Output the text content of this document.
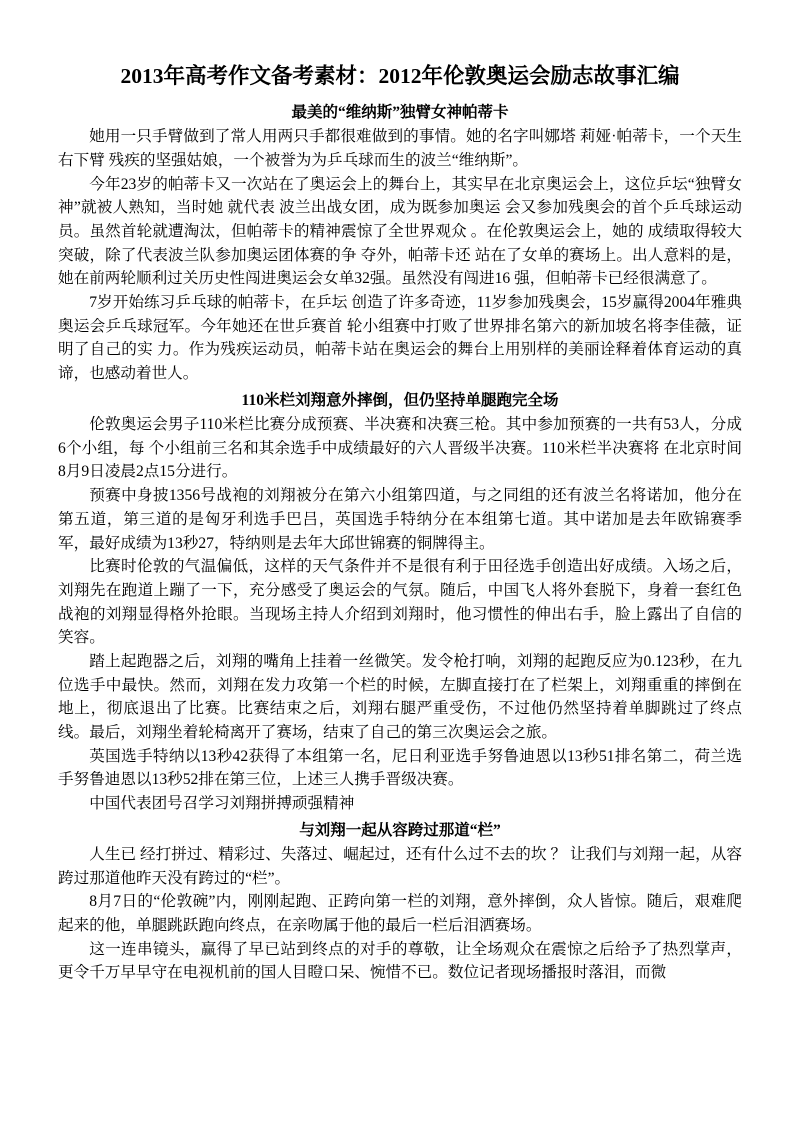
2013年高考作文备考素材：2012年伦敦奥运会励志故事汇编
最美的“维纳斯”独臂女神帕蒂卡

她用一只手臂做到了常人用两只手都很难做到的事情。她的名字叫娜塔 莉娅·帕蒂卡，一个天生右下臂 残疾的坚强姑娘，一个被誉为为乒乓球而生的波兰“维纳斯”。

今年23岁的帕蒂卡又一次站在了奥运会上的舞台上，其实早在北京奥运会上，这位乒坛“独臂女神”就被人熟知，当时她 就代表 波兰出战女团，成为既参加奥运 会又参加残奥会的首个乒乓球运动员。虽然首轮就遭淘汰，但帕蒂卡的精神震惊了全世界观众 。在伦敦奥运会上，她的 成绩取得较大突破，除了代表波兰队参加奥运团体赛的争 夺外，帕蒂卡还 站在了女单的赛场上。出人意料的是，她在前两轮顺利过关历史性闯进奥运会女单32强。虽然没有闯进16 强，但帕蒂卡已经很满意了。

7岁开始练习乒乓球的帕蒂卡，在乒坛 创造了许多奇迹，11岁参加残奥会，15岁赢得2004年雅典奥运会乒乓球冠军。今年她还在世乒赛首 轮小组赛中打败了世界排名第六的新加坡名将李佳薇，证明了自己的实 力。作为残疾运动员，帕蒂卡站在奥运会的舞台上用别样的美丽诠释着体育运动的真谛，也感动着世人。

110米栏刘翔意外摔倒，但仍坚持单腿跑完全场

伦敦奥运会男子110米栏比赛分成预赛、半决赛和决赛三枪。其中参加预赛的一共有53人，分成6个小组，每 个小组前三名和其余选手中成绩最好的六人晋级半决赛。110米栏半决赛将 在北京时间8月9日凌晨2点15分进行。

预赛中身披1356号战袍的刘翔被分在第六小组第四道，与之同组的还有波兰名将诺加，他分在第五道，第三道的是匈牙利选手巴吕，英国选手特纳分在本组第七道。其中诺加是去年欧锦赛季军，最好成绩为13秒27，特纳则是去年大邱世锦赛的铜牌得主。

比赛时伦敦的气温偏低，这样的天气条件并不是很有利于田径选手创造出好成绩。入场之后，刘翔先在跑道上蹦了一下，充分感受了奥运会的气氛。随后，中国飞人将外套脱下，身着一套红色战袍的刘翔显得格外抢眼。当现场主持人介绍到刘翔时，他习惯性的伸出右手，脸上露出了自信的笑容。

踏上起跑器之后，刘翔的嘴角上挂着一丝微笑。发令枪打响，刘翔的起跑反应为0.123秒，在九位选手中最快。然而，刘翔在发力攻第一个栏的时候，左脚直接打在了栏架上，刘翔重重的摔倒在地上，彻底退出了比赛。比赛结束之后，刘翔右腿严重受伤，不过他仍然坚持着单脚跳过了终点线。最后，刘翔坐着轮椅离开了赛场，结束了自己的第三次奥运会之旅。

英国选手特纳以13秒42获得了本组第一名，尼日利亚选手努鲁迪恩以13秒51排名第二，荷兰选手努鲁迪恩以13秒52排在第三位，上述三人携手晋级决赛。

中国代表团号召学习刘翔拼搏顽强精神

与刘翔一起从容跨过那道“栏”

人生已 经打拼过、精彩过、失落过、崛起过，还有什么过不去的坎 ？ 让我们与刘翔一起，从容跨过那道他昨天没有跨过的“栏”。

8月7日的“伦敦碗”内，刚刚起跑、正跨向第一栏的刘翔，意外摔倒，众人皆惊。随后，艰难爬起来的他，单腿跳跃跑向终点，在亲吻属于他的最后一栏后泪洒赛场。

这一连串镜头，赢得了早已站到终点的对手的尊敬，让全场观众在震惊之后给予了热烈掌声，更令千万早早守在电视机前的国人目瞪口呆、惋惜不已。数位记者现场播报时落泪，而微
